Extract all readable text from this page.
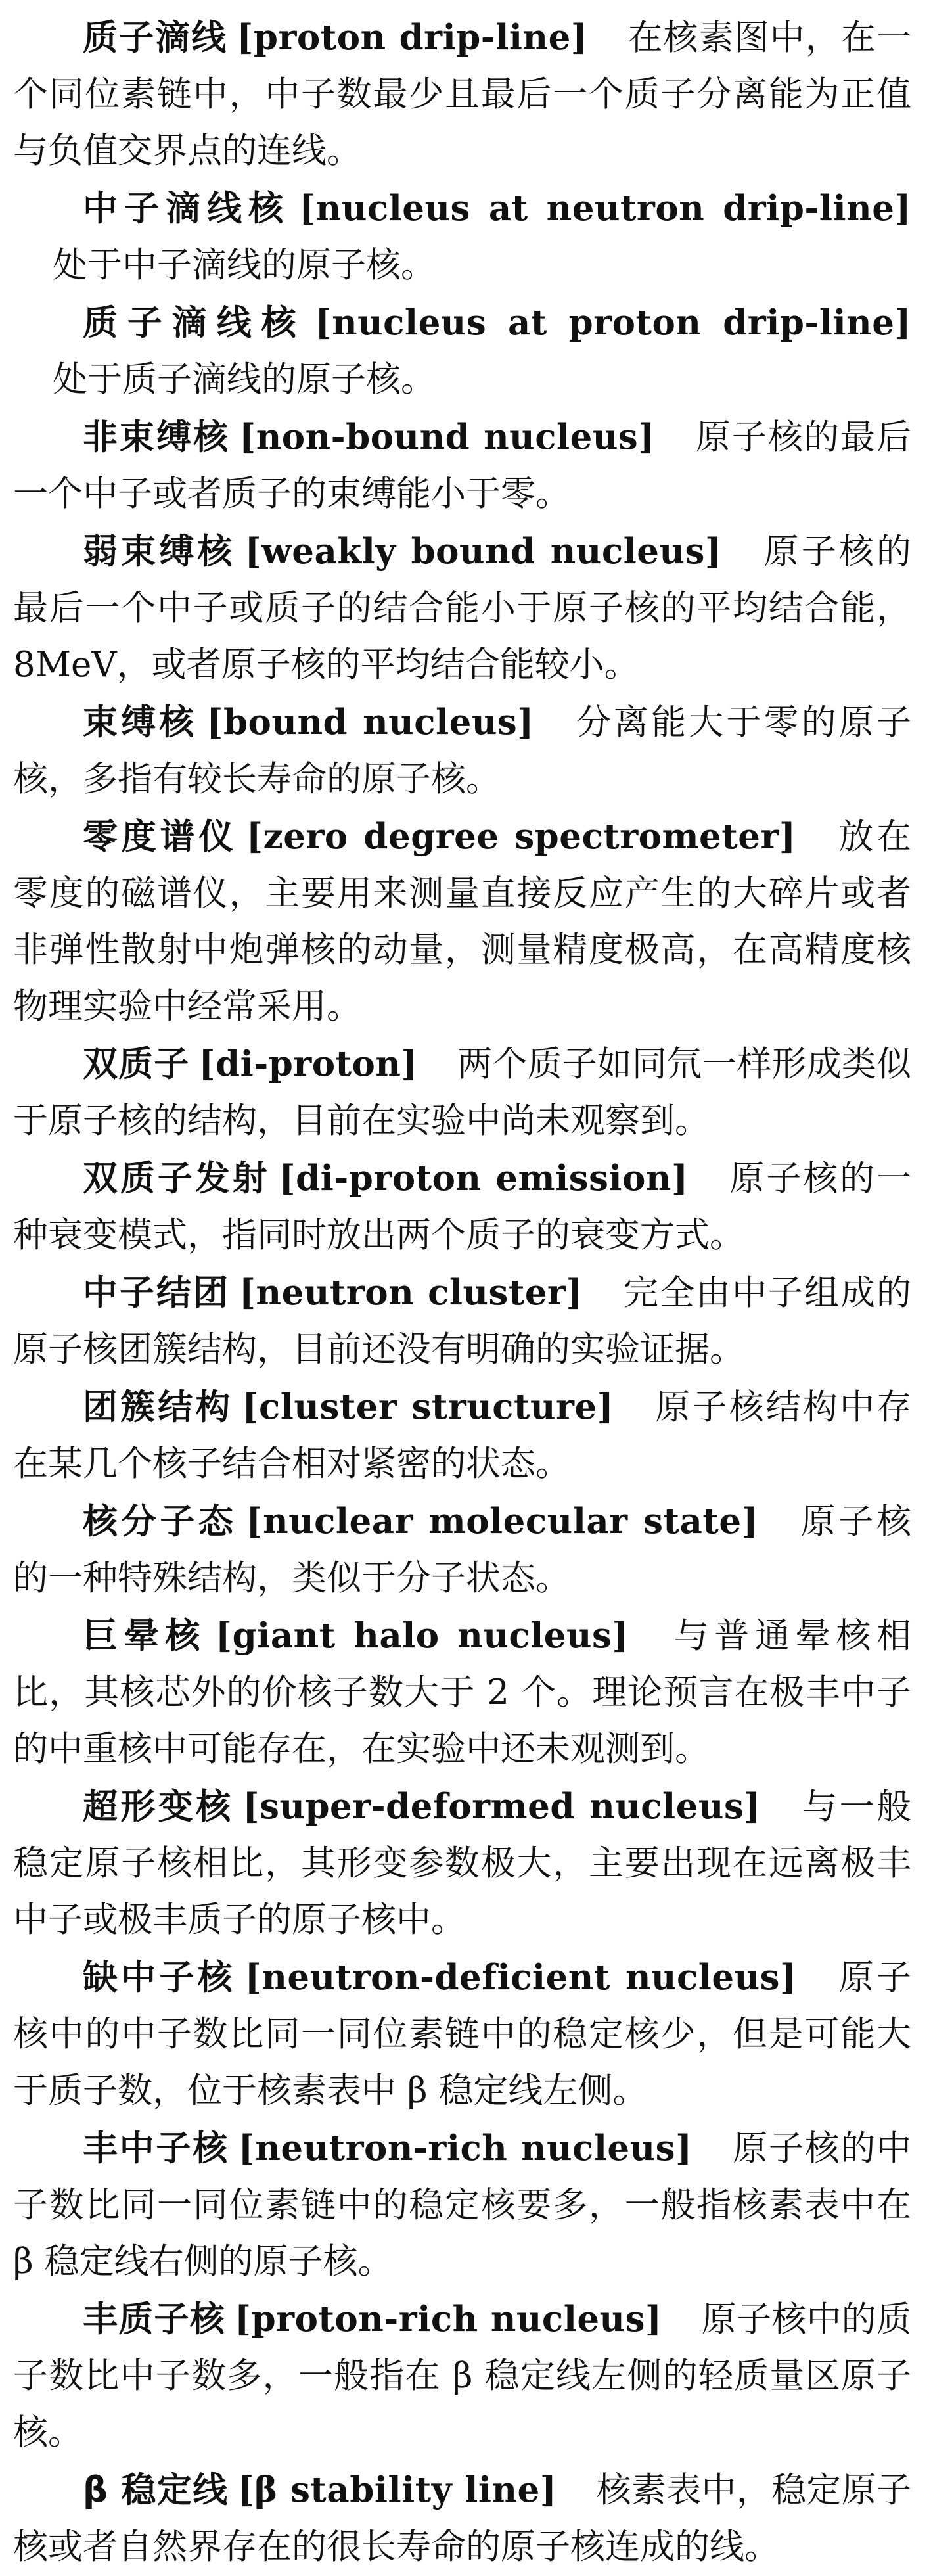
质子滴线 [proton drip-line] 在核素图中，在一个同位素链中，中子数最少且最后一个质子分离能为正值与负值交界点的连线。

中子滴线核 [nucleus at neutron drip-line]处于中子滴线的原子核。

质子滴线核 [nucleus at proton drip-line]处于质子滴线的原子核。

非束缚核 [non-bound nucleus] 原子核的最后一个中子或者质子的束缚能小于零。

弱束缚核 [weakly bound nucleus] 原子核的最后一个中子或质子的结合能小于原子核的平均结合能，8MeV，或者原子核的平均结合能较小。

束缚核 [bound nucleus] 分离能大于零的原子核，多指有较长寿命的原子核。

零度谱仪 [zero degree spectrometer] 放在零度的磁谱仪，主要用来测量直接反应产生的大碎片或者非弹性散射中炮弹核的动量，测量精度极高，在高精度核物理实验中经常采用。

双质子 [di-proton] 两个质子如同氘一样形成类似于原子核的结构，目前在实验中尚未观察到。

双质子发射 [di-proton emission] 原子核的一种衰变模式，指同时放出两个质子的衰变方式。

中子结团 [neutron cluster] 完全由中子组成的原子核团簇结构，目前还没有明确的实验证据。

团簇结构 [cluster structure] 原子核结构中存在某几个核子结合相对紧密的状态。

核分子态 [nuclear molecular state] 原子核的一种特殊结构，类似于分子状态。

巨晕核 [giant halo nucleus] 与普通晕核相比，其核芯外的价核子数大于 2 个。理论预言在极丰中子的中重核中可能存在，在实验中还未观测到。

超形变核 [super-deformed nucleus] 与一般稳定原子核相比，其形变参数极大，主要出现在远离极丰中子或极丰质子的原子核中。

缺中子核 [neutron-deficient nucleus] 原子核中的中子数比同一同位素链中的稳定核少，但是可能大于质子数，位于核素表中 β 稳定线左侧。

丰中子核 [neutron-rich nucleus] 原子核的中子数比同一同位素链中的稳定核要多，一般指核素表中在 β 稳定线右侧的原子核。

丰质子核 [proton-rich nucleus] 原子核中的质子数比中子数多，一般指在 β 稳定线左侧的轻质量区原子核。

β 稳定线 [β stability line] 核素表中，稳定原子核或者自然界存在的很长寿命的原子核连成的线。
